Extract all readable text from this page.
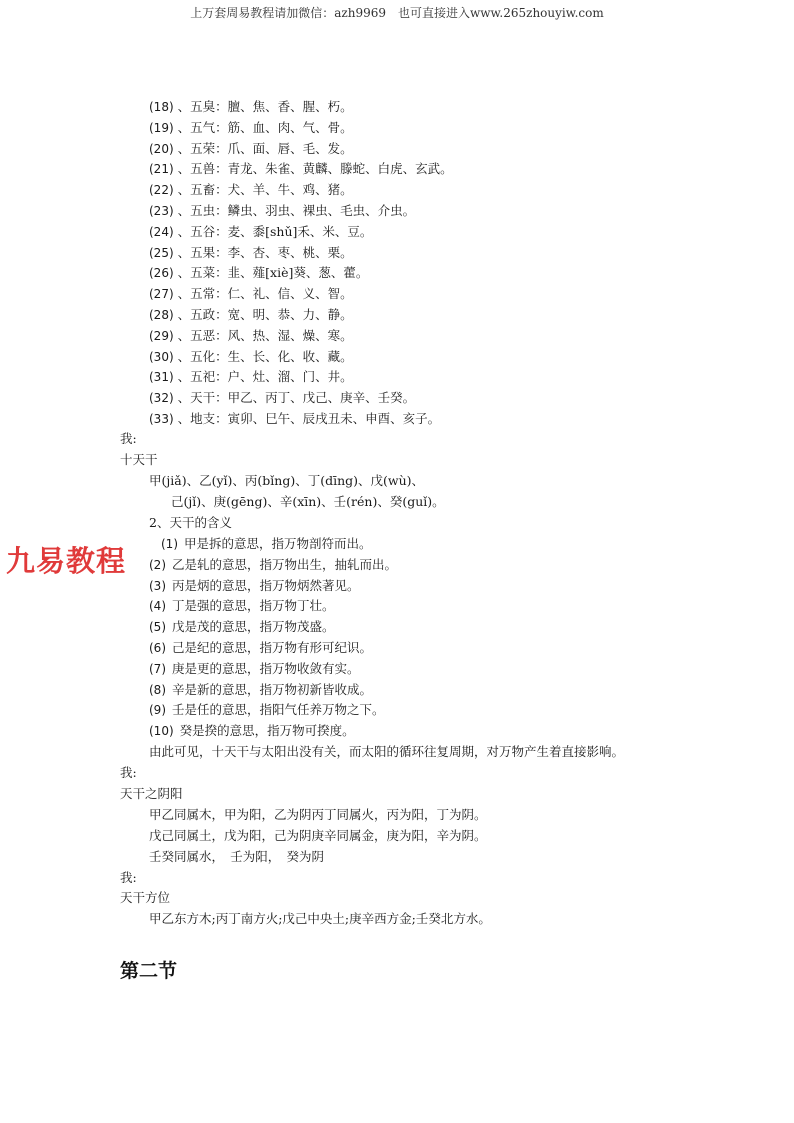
上万套周易教程请加微信：azh9969　也可直接进入www.265zhouyiw.com
九易教程
(18) 、五臭：膻、焦、香、腥、朽。
(19) 、五气：筋、血、肉、气、骨。
(20) 、五荣：爪、面、唇、毛、发。
(21) 、五兽：青龙、朱雀、黄麟、滕蛇、白虎、玄武。
(22) 、五畜：犬、羊、牛、鸡、猪。
(23) 、五虫：鳞虫、羽虫、裸虫、毛虫、介虫。
(24) 、五谷：麦、黍[shǔ]禾、米、豆。
(25) 、五果：李、杏、枣、桃、栗。
(26) 、五菜：韭、薤[xiè]葵、葱、藿。
(27) 、五常：仁、礼、信、义、智。
(28) 、五政：宽、明、恭、力、静。
(29) 、五恶：风、热、湿、燥、寒。
(30) 、五化：生、长、化、收、藏。
(31) 、五祀：户、灶、溜、门、井。
(32) 、天干：甲乙、丙丁、戊己、庚辛、壬癸。
(33) 、地支：寅卯、巳午、辰戌丑未、申酉、亥子。
我:
十天干
甲(jiǎ)、乙(yǐ)、丙(bǐng)、丁(dīng)、戊(wù)、
己(jǐ)、庚(gēng)、辛(xīn)、壬(rén)、癸(guǐ)。
2、天干的含义
(1) 甲是拆的意思，指万物剖符而出。
(2) 乙是轧的意思，指万物出生，抽轧而出。
(3) 丙是炳的意思，指万物炳然著见。
(4) 丁是强的意思，指万物丁壮。
(5) 戊是茂的意思，指万物茂盛。
(6) 己是纪的意思，指万物有形可纪识。
(7) 庚是更的意思，指万物收敛有实。
(8) 辛是新的意思，指万物初新皆收成。
(9) 壬是任的意思，指阳气任养万物之下。
(10) 癸是揆的意思，指万物可揆度。
由此可见，十天干与太阳出没有关，而太阳的循环往复周期，对万物产生着直接影响。
我:
天干之阴阳
甲乙同属木，甲为阳，乙为阴丙丁同属火，丙为阳，丁为阴。
戊己同属土，戊为阳，己为阴庚辛同属金，庚为阳，辛为阴。
壬癸同属水，　壬为阳，　癸为阴
我:
天干方位
甲乙东方木;丙丁南方火;戊己中央土;庚辛西方金;壬癸北方水。
第二节
